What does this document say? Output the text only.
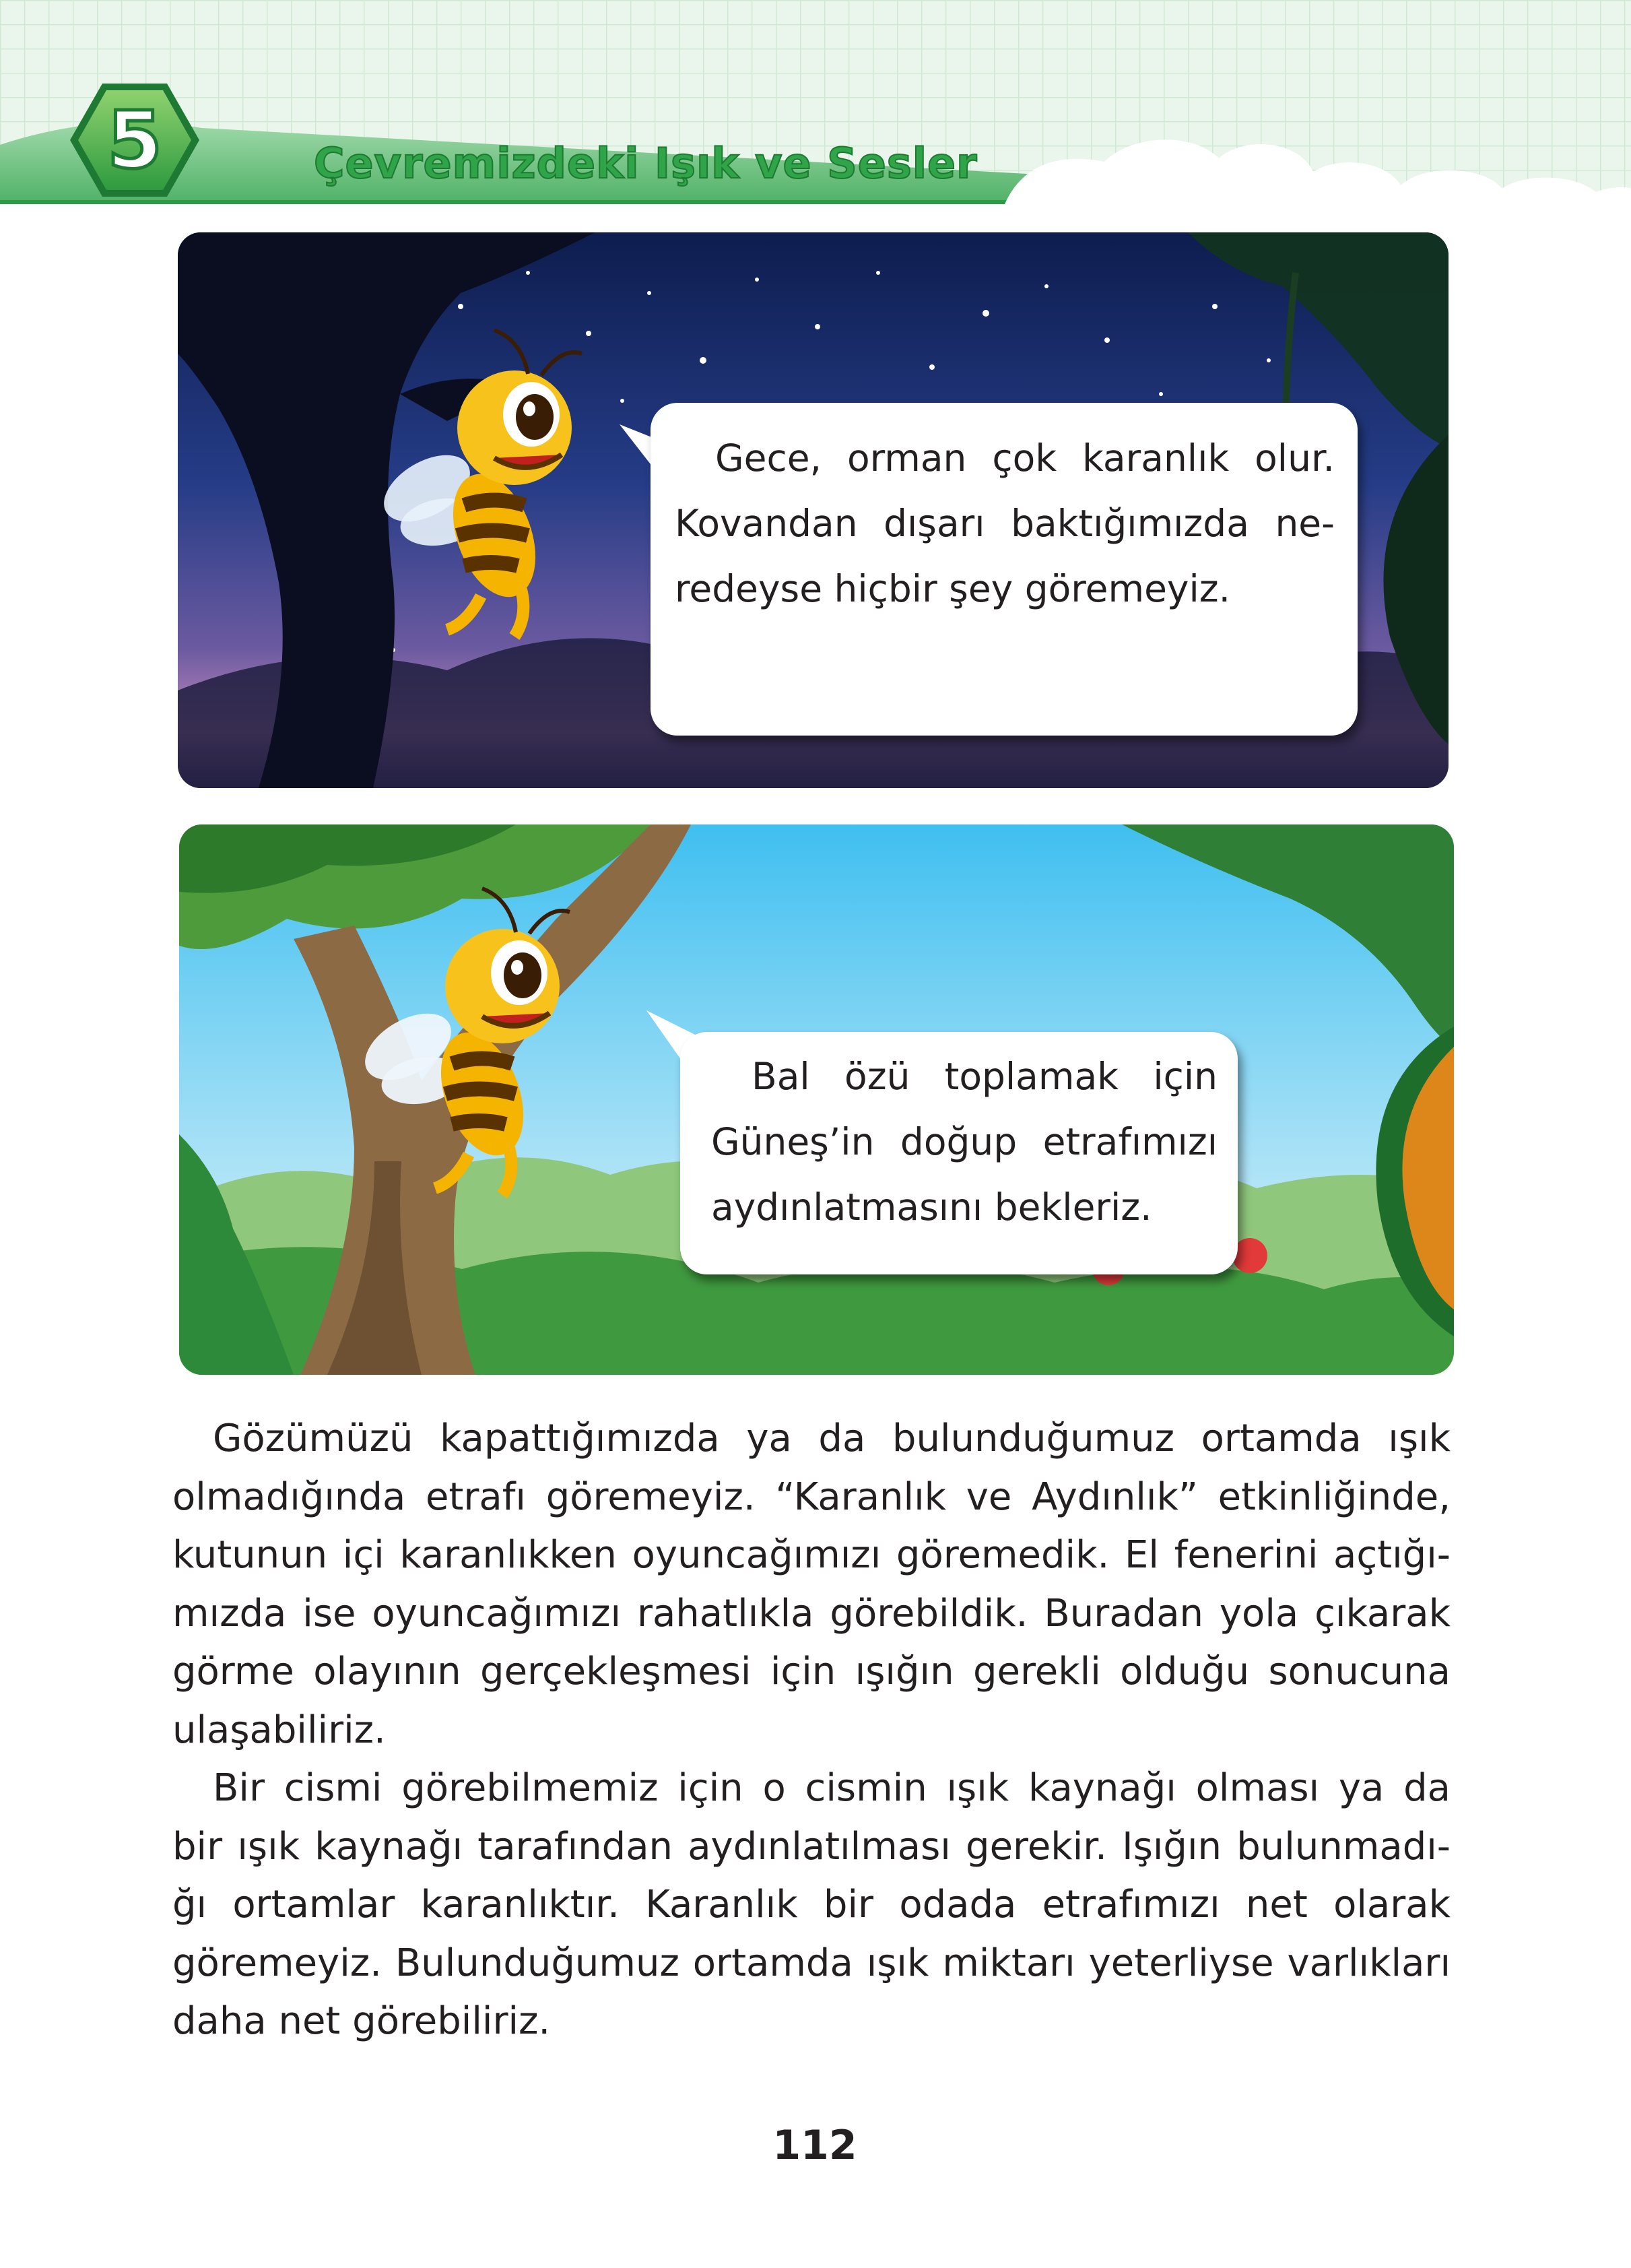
5	Çevremizdeki Işık ve Sesler

Gece, orman çok karanlık olur.

Kovandan dışarı baktığımızda ne-

redeyse hiçbir şey göremeyiz.

Bal özü toplamak için

Güneş’in doğup etrafımızı

aydınlatmasını bekleriz.

Gözümüzü kapattığımızda ya da bulunduğumuz ortamda ışık
olmadığında etrafı göremeyiz. “Karanlık ve Aydınlık” etkinliğinde,
kutunun içi karanlıkken oyuncağımızı göremedik. El fenerini açtığı-
mızda ise oyuncağımızı rahatlıkla görebildik. Buradan yola çıkarak
görme olayının gerçekleşmesi için ışığın gerekli olduğu sonucuna
ulaşabiliriz.
Bir cismi görebilmemiz için o cismin ışık kaynağı olması ya da
bir ışık kaynağı tarafından aydınlatılması gerekir. Işığın bulunmadı-
ğı ortamlar karanlıktır. Karanlık bir odada etrafımızı net olarak
göremeyiz. Bulunduğumuz ortamda ışık miktarı yeterliyse varlıkları
daha net görebiliriz.
112
